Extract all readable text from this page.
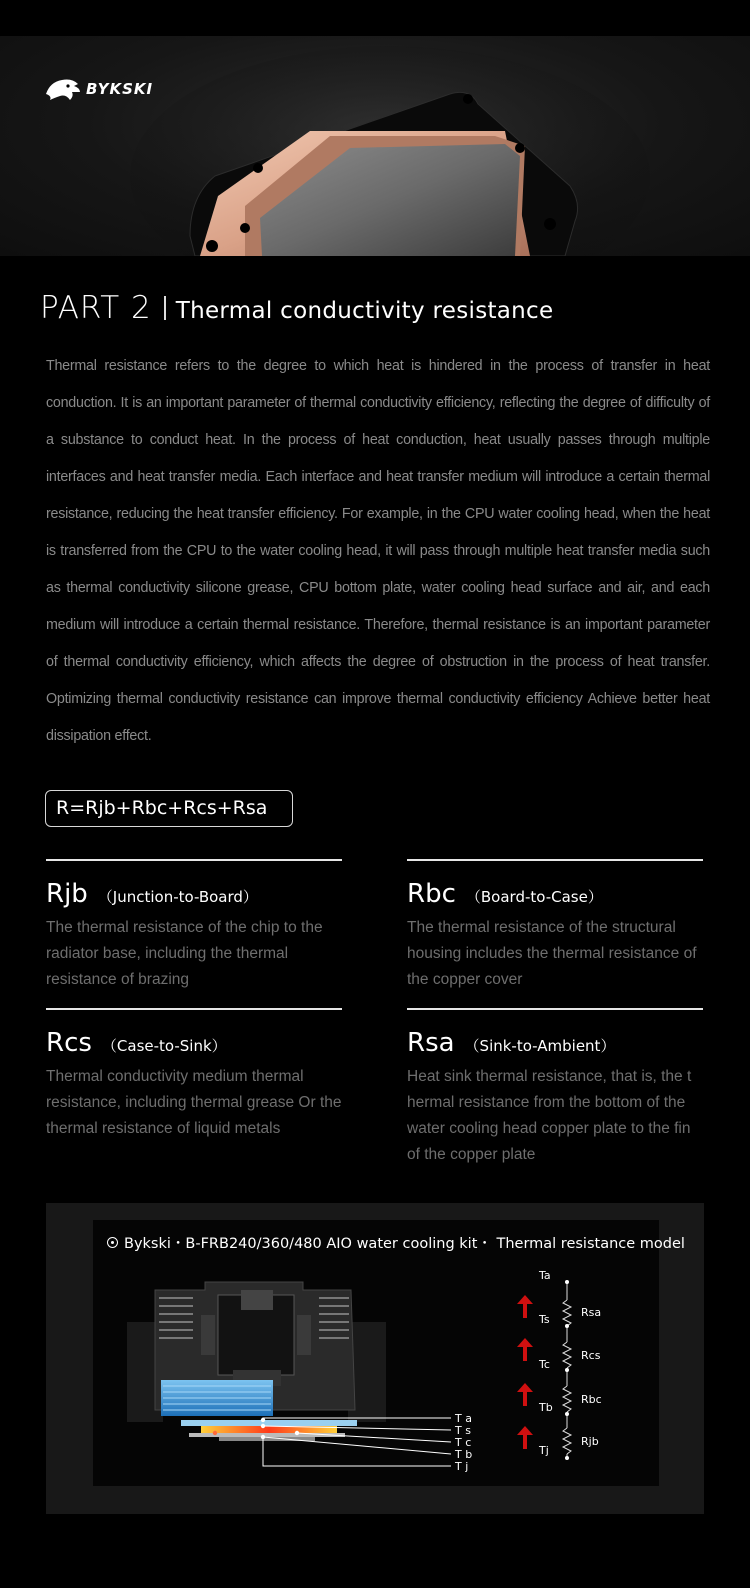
BYKSKI
PART 2 Thermal conductivity resistance

Thermal resistance refers to the degree to which heat is hindered in the process of transfer in heat conduction. It is an important parameter of thermal conductivity efficiency, reflecting the degree of difficulty of a substance to conduct heat. In the process of heat conduction, heat usually passes through multiple interfaces and heat transfer media. Each interface and heat transfer medium will introduce a certain thermal resistance, reducing the heat transfer efficiency. For example, in the CPU water cooling head, when the heat is transferred from the CPU to the water cooling head, it will pass through multiple heat transfer media such as thermal conductivity silicone grease, CPU bottom plate, water cooling head surface and air, and each medium will introduce a certain thermal resistance. Therefore, thermal resistance is an important parameter of thermal conductivity efficiency, which affects the degree of obstruction in the process of heat transfer. Optimizing thermal conductivity resistance can improve thermal conductivity efficiency Achieve better heat dissipation effect.

R=Rjb+Rbc+Rcs+Rsa
Rjb （Junction-to-Board）
The thermal resistance of the chip to the radiator base, including the thermal resistance of brazing
Rbc （Board-to-Case）
The thermal resistance of the structural housing includes the thermal resistance of the copper cover
Rcs （Case-to-Sink）
Thermal conductivity medium thermal resistance, including thermal grease Or the thermal resistance of liquid metals
Rsa （Sink-to-Ambient）
Heat sink thermal resistance, that is, the t hermal resistance from the bottom of the water cooling head copper plate to the fin of the copper plate
Bykski・B-FRB240/360/480 AIO water cooling kit・ Thermal resistance model
T a
T s
T c
T b
T j
Ta
Ts
Tc
Tb
Tj
Rsa
Rcs
Rbc
Rjb
